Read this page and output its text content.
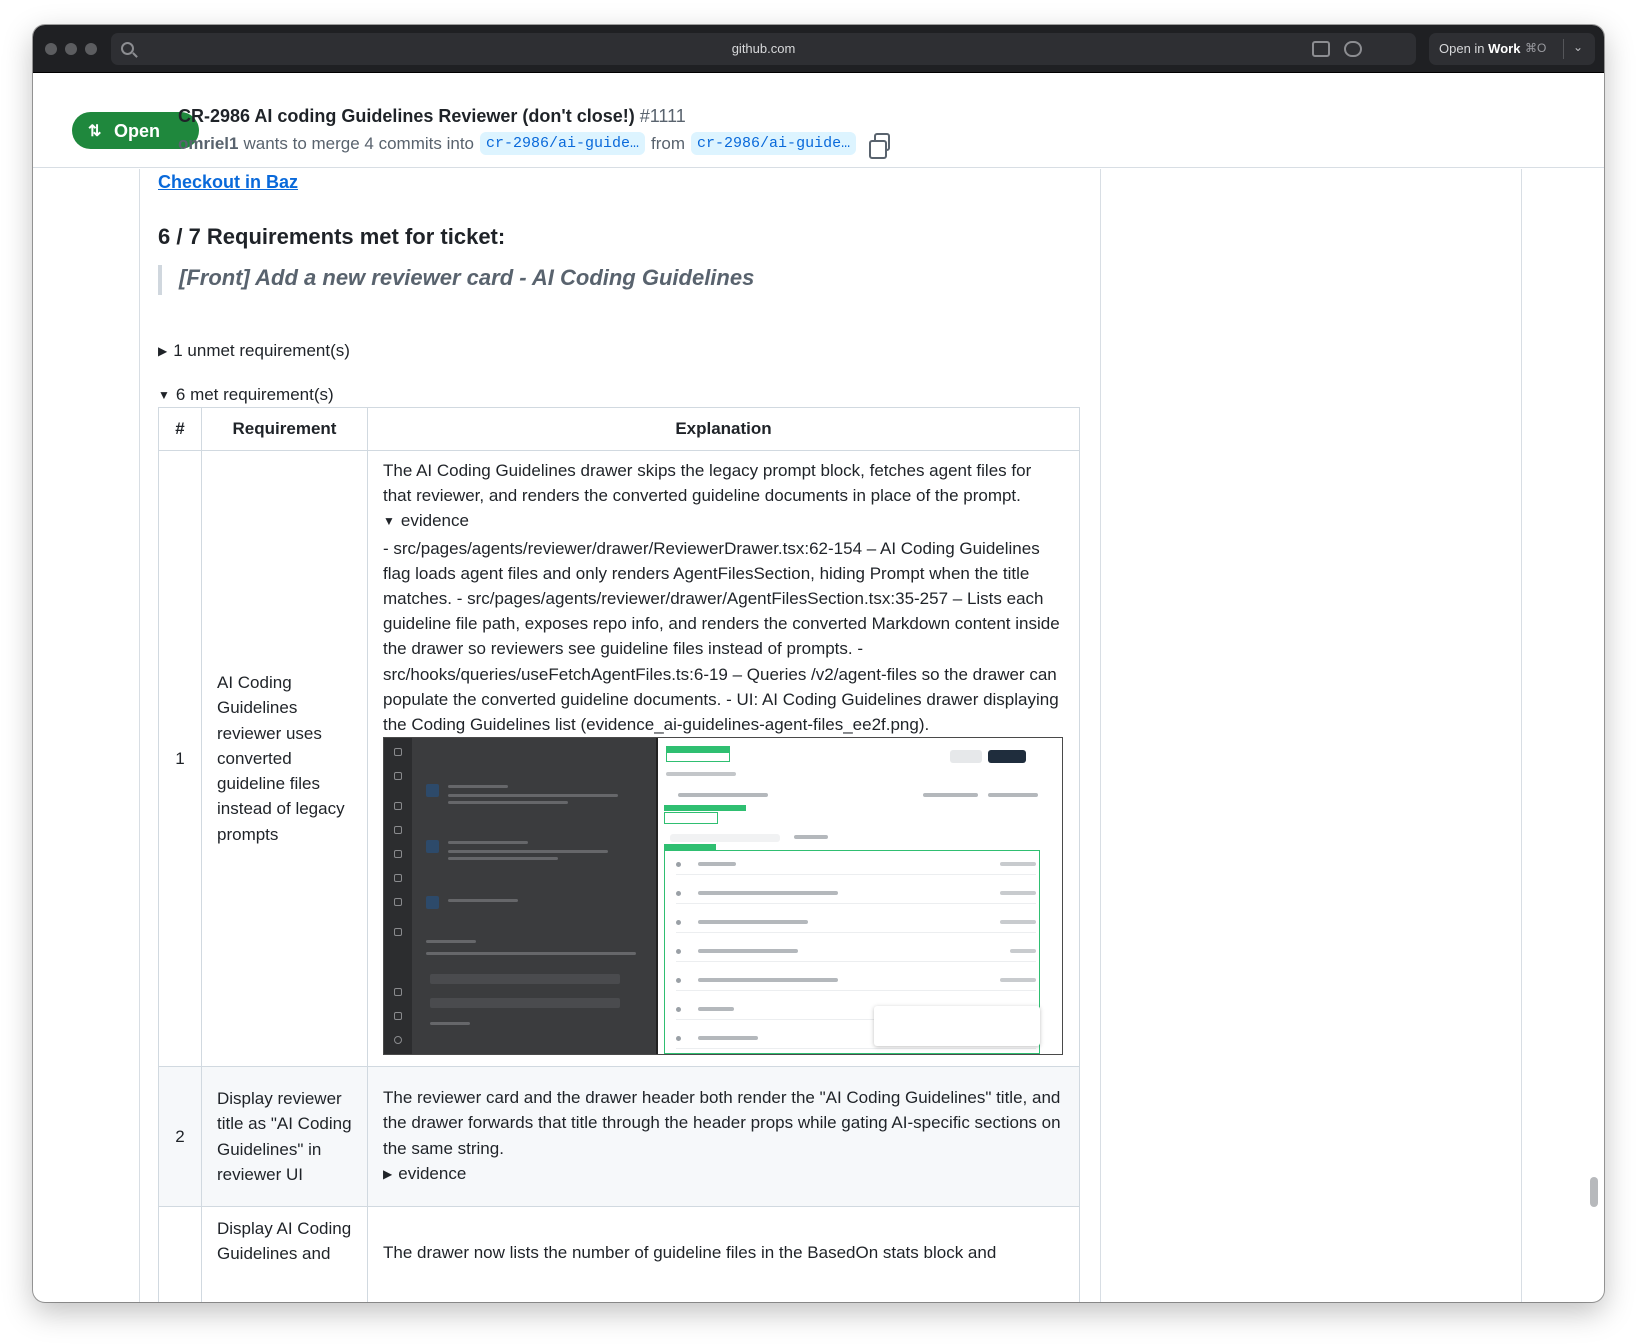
github.com	Open in Work ⌘O ⌄
⇅ Open
CR-2986 AI coding Guidelines Reviewer (don't close!) #1111
omriel1 wants to merge 4 commits into cr-2986/ai-guide… from cr-2986/ai-guide…
Checkout in Baz
6 / 7 Requirements met for ticket:
[Front] Add a new reviewer card - AI Coding Guidelines
▶ 1 unmet requirement(s)
▼ 6 met requirement(s)
#	Requirement	Explanation
1	AI Coding Guidelines reviewer uses converted guideline files instead of legacy prompts	The AI Coding Guidelines drawer skips the legacy prompt block, fetches agent files for that reviewer, and renders the converted guideline documents in place of the prompt.

▼ evidence

- src/pages/agents/reviewer/drawer/ReviewerDrawer.tsx:62-154 – AI Coding Guidelines flag loads agent files and only renders AgentFilesSection, hiding Prompt when the title matches. - src/pages/agents/reviewer/drawer/AgentFilesSection.tsx:35-257 – Lists each guideline file path, exposes repo info, and renders the converted Markdown content inside the drawer so reviewers see guideline files instead of prompts. - src/hooks/queries/useFetchAgentFiles.ts:6-19 – Queries /v2/agent-files so the drawer can populate the converted guideline documents. - UI: AI Coding Guidelines drawer displaying the Coding Guidelines list (evidence_ai-guidelines-agent-files_ee2f.png).

2	Display reviewer title as "AI Coding Guidelines" in reviewer UI	The reviewer card and the drawer header both render the "AI Coding Guidelines" title, and the drawer forwards that title through the header props while gating AI-specific sections on the same string.

▶ evidence

	Display AI Coding Guidelines and	The drawer now lists the number of guideline files in the BasedOn stats block and
